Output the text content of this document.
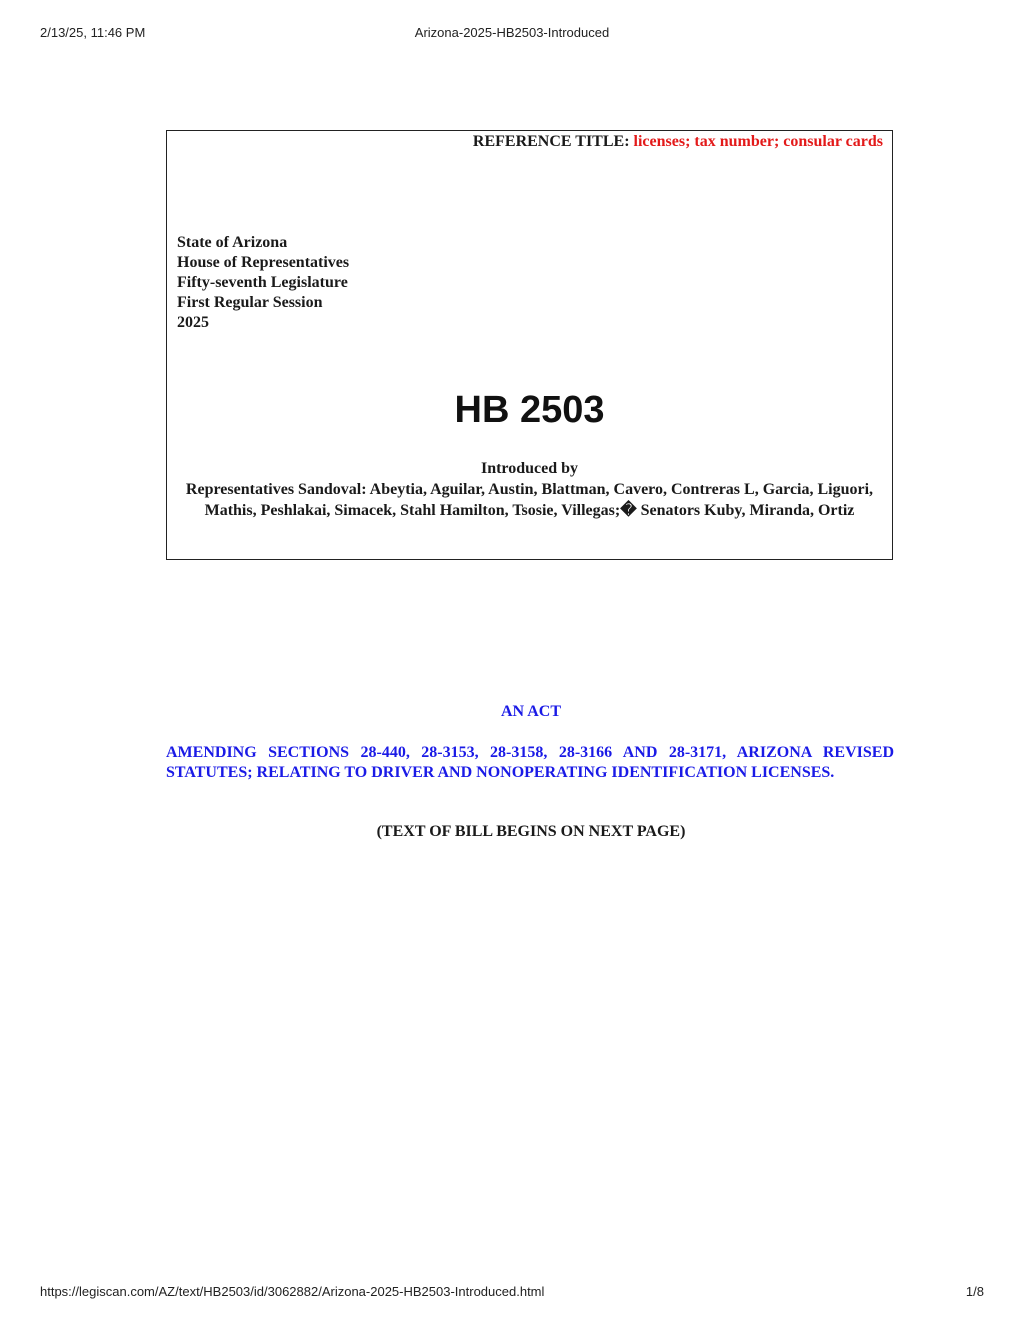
2/13/25, 11:46 PM	Arizona-2025-HB2503-Introduced
REFERENCE TITLE: licenses; tax number; consular cards
State of Arizona
House of Representatives
Fifty-seventh Legislature
First Regular Session
2025
HB 2503
Introduced by
Representatives Sandoval: Abeytia, Aguilar, Austin, Blattman, Cavero, Contreras L, Garcia, Liguori, Mathis, Peshlakai, Simacek, Stahl Hamilton, Tsosie, Villegas;� Senators Kuby, Miranda, Ortiz
AN ACT
AMENDING SECTIONS 28-440, 28-3153, 28-3158, 28-3166 AND 28-3171, ARIZONA REVISED STATUTES; RELATING TO DRIVER AND NONOPERATING IDENTIFICATION LICENSES.
(TEXT OF BILL BEGINS ON NEXT PAGE)
https://legiscan.com/AZ/text/HB2503/id/3062882/Arizona-2025-HB2503-Introduced.html	1/8
